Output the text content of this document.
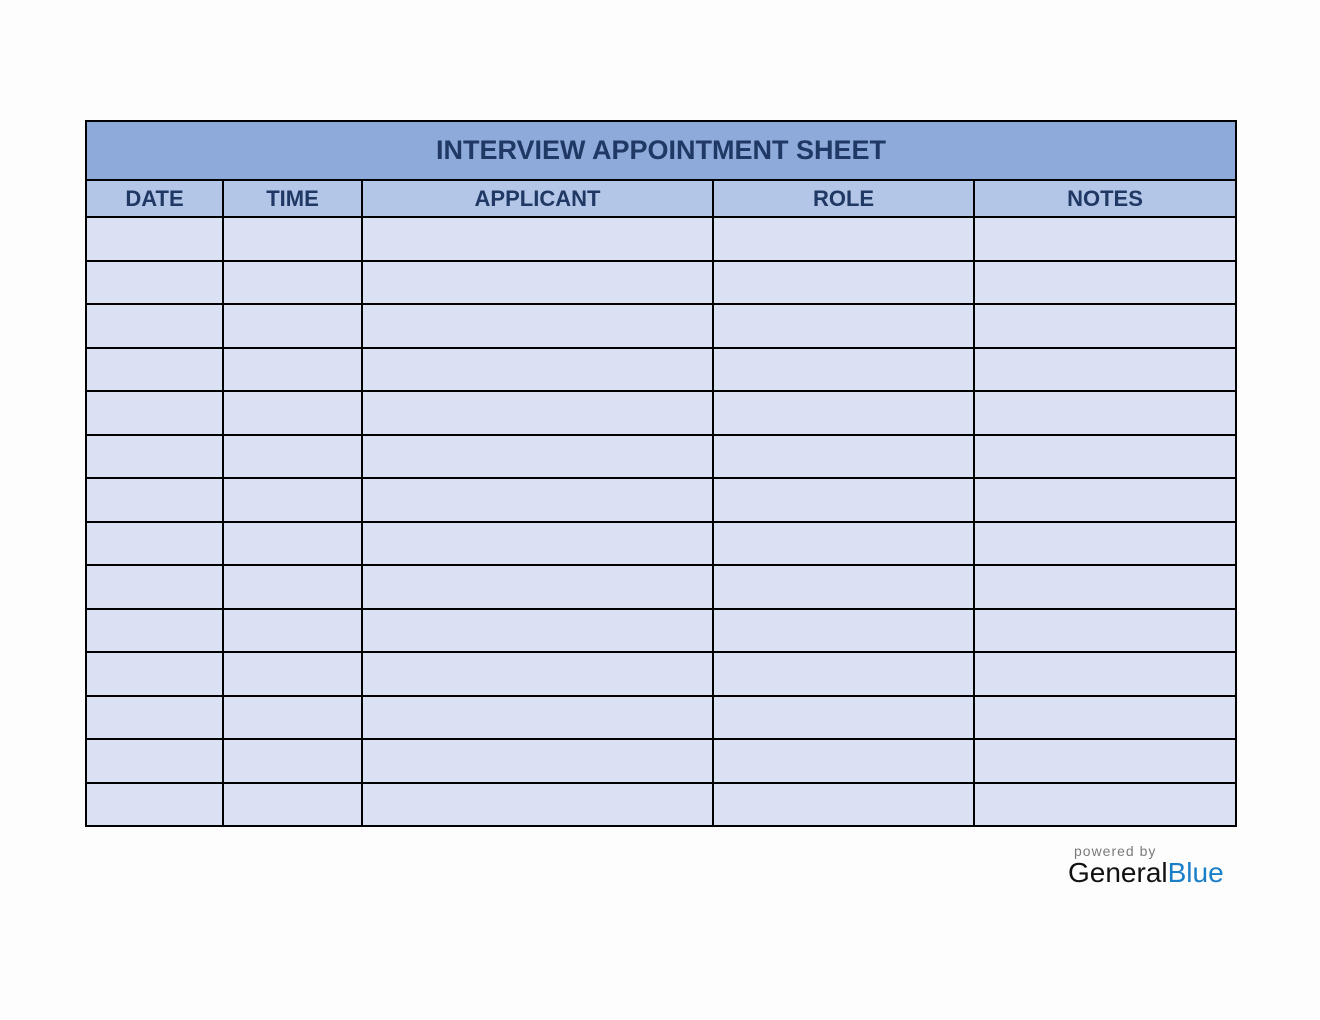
INTERVIEW APPOINTMENT SHEET				
DATE	TIME	APPLICANT	ROLE	NOTES

powered by
GeneralBlue
